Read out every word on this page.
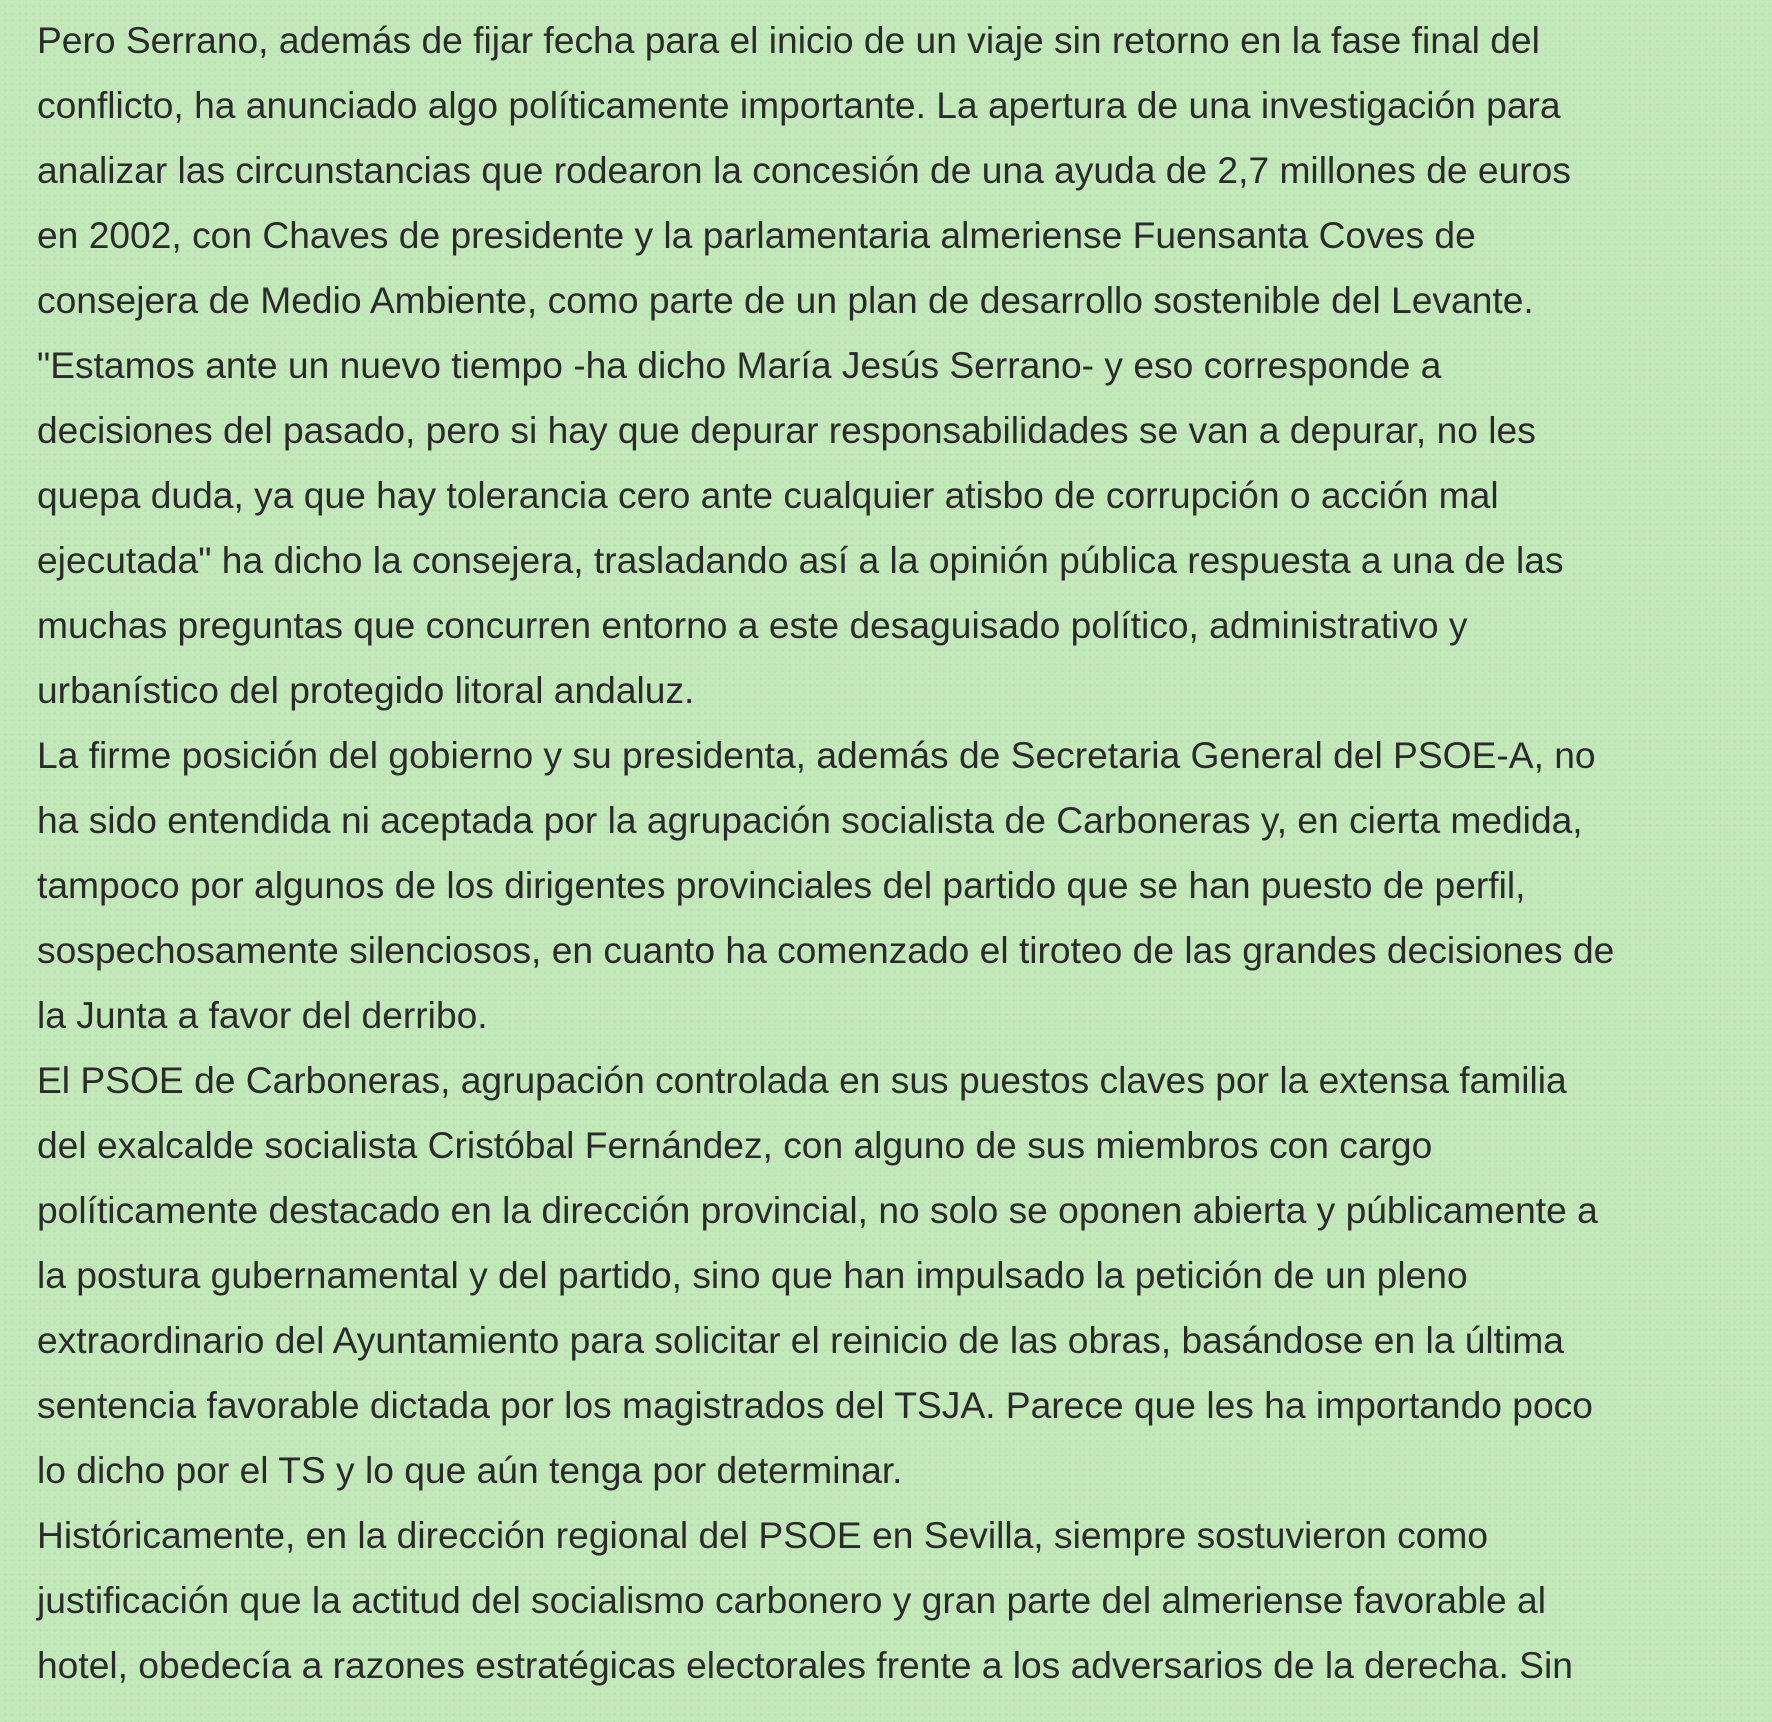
Pero Serrano, además de fijar fecha para el inicio de un viaje sin retorno en la fase final del
conflicto, ha anunciado algo políticamente importante. La apertura de una investigación para
analizar las circunstancias que rodearon la concesión de una ayuda de 2,7 millones de euros
en 2002, con Chaves de presidente y la parlamentaria almeriense Fuensanta Coves de
consejera de Medio Ambiente, como parte de un plan de desarrollo sostenible del Levante.
"Estamos ante un nuevo tiempo -ha dicho María Jesús Serrano- y eso corresponde a
decisiones del pasado, pero si hay que depurar responsabilidades se van a depurar, no les
quepa duda, ya que hay tolerancia cero ante cualquier atisbo de corrupción o acción mal
ejecutada" ha dicho la consejera, trasladando así a la opinión pública respuesta a una de las
muchas preguntas que concurren entorno a este desaguisado político, administrativo y
urbanístico del protegido litoral andaluz.
La firme posición del gobierno y su presidenta, además de Secretaria General del PSOE-A, no
ha sido entendida ni aceptada por la agrupación socialista de Carboneras y, en cierta medida,
tampoco por algunos de los dirigentes provinciales del partido que se han puesto de perfil,
sospechosamente silenciosos, en cuanto ha comenzado el tiroteo de las grandes decisiones de
la Junta a favor del derribo.
El PSOE de Carboneras, agrupación controlada en sus puestos claves por la extensa familia
del exalcalde socialista Cristóbal Fernández, con alguno de sus miembros con cargo
políticamente destacado en la dirección provincial, no solo se oponen abierta y públicamente a
la postura gubernamental y del partido, sino que han impulsado la petición de un pleno
extraordinario del Ayuntamiento para solicitar el reinicio de las obras, basándose en la última
sentencia favorable dictada por los magistrados del TSJA. Parece que les ha importando poco
lo dicho por el TS y lo que aún tenga por determinar.
Históricamente, en la dirección regional del PSOE en Sevilla, siempre sostuvieron como
justificación que la actitud del socialismo carbonero y gran parte del almeriense favorable al
hotel, obedecía a razones estratégicas electorales frente a los adversarios de la derecha. Sin
